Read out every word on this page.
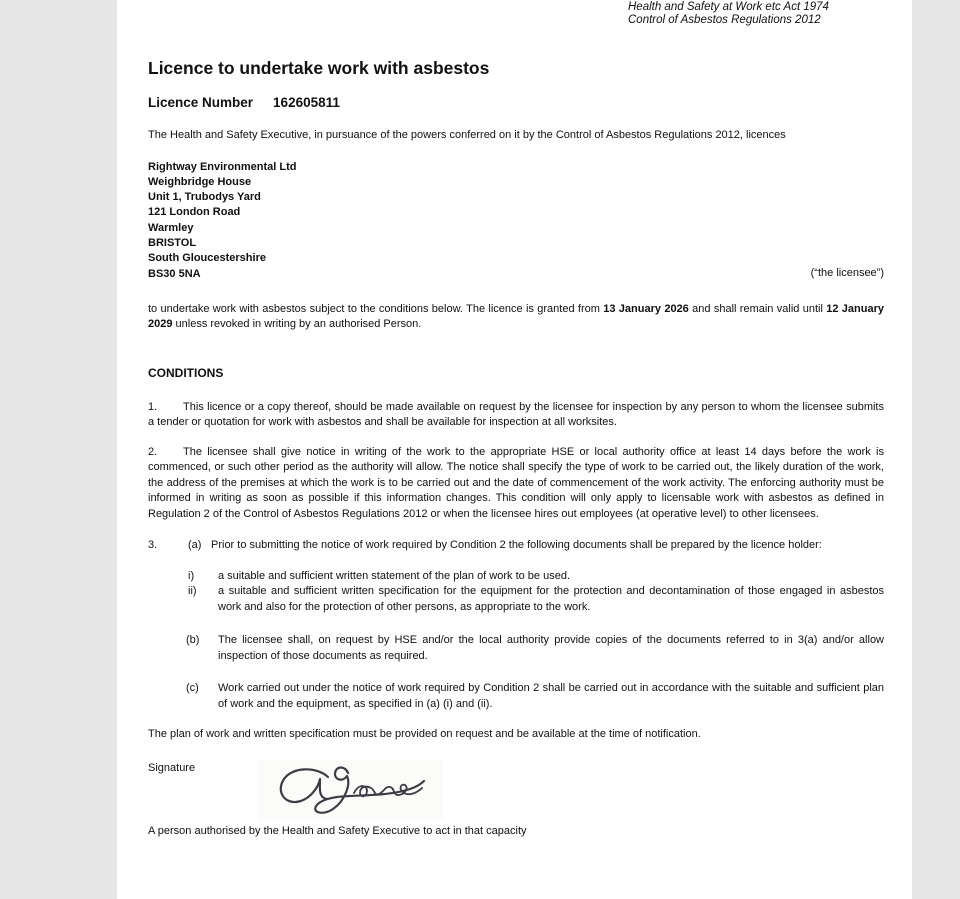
Health and Safety at Work etc Act 1974
Control of Asbestos Regulations 2012
Licence to undertake work with asbestos
Licence Number 162605811
The Health and Safety Executive, in pursuance of the powers conferred on it by the Control of Asbestos Regulations 2012, licences
Rightway Environmental Ltd
Weighbridge House
Unit 1, Trubodys Yard
121 London Road
Warmley
BRISTOL
South Gloucestershire
BS30 5NA	(“the licensee”)
to undertake work with asbestos subject to the conditions below. The licence is granted from 13 January 2026 and shall remain valid until 12 January 2029 unless revoked in writing by an authorised Person.
CONDITIONS
1. This licence or a copy thereof, should be made available on request by the licensee for inspection by any person to whom the licensee submits a tender or quotation for work with asbestos and shall be available for inspection at all worksites.
2. The licensee shall give notice in writing of the work to the appropriate HSE or local authority office at least 14 days before the work is commenced, or such other period as the authority will allow. The notice shall specify the type of work to be carried out, the likely duration of the work, the address of the premises at which the work is to be carried out and the date of commencement of the work activity. The enforcing authority must be informed in writing as soon as possible if this information changes. This condition will only apply to licensable work with asbestos as defined in Regulation 2 of the Control of Asbestos Regulations 2012 or when the licensee hires out employees (at operative level) to other licensees.
3.	(a) Prior to submitting the notice of work required by Condition 2 the following documents shall be prepared by the licence holder:
i) a suitable and sufficient written statement of the plan of work to be used.
ii) a suitable and sufficient written specification for the equipment for the protection and decontamination of those engaged in asbestos work and also for the protection of other persons, as appropriate to the work.
(b) The licensee shall, on request by HSE and/or the local authority provide copies of the documents referred to in 3(a) and/or allow inspection of those documents as required.
(c) Work carried out under the notice of work required by Condition 2 shall be carried out in accordance with the suitable and sufficient plan of work and the equipment, as specified in (a) (i) and (ii).
The plan of work and written specification must be provided on request and be available at the time of notification.
Signature
A person authorised by the Health and Safety Executive to act in that capacity
